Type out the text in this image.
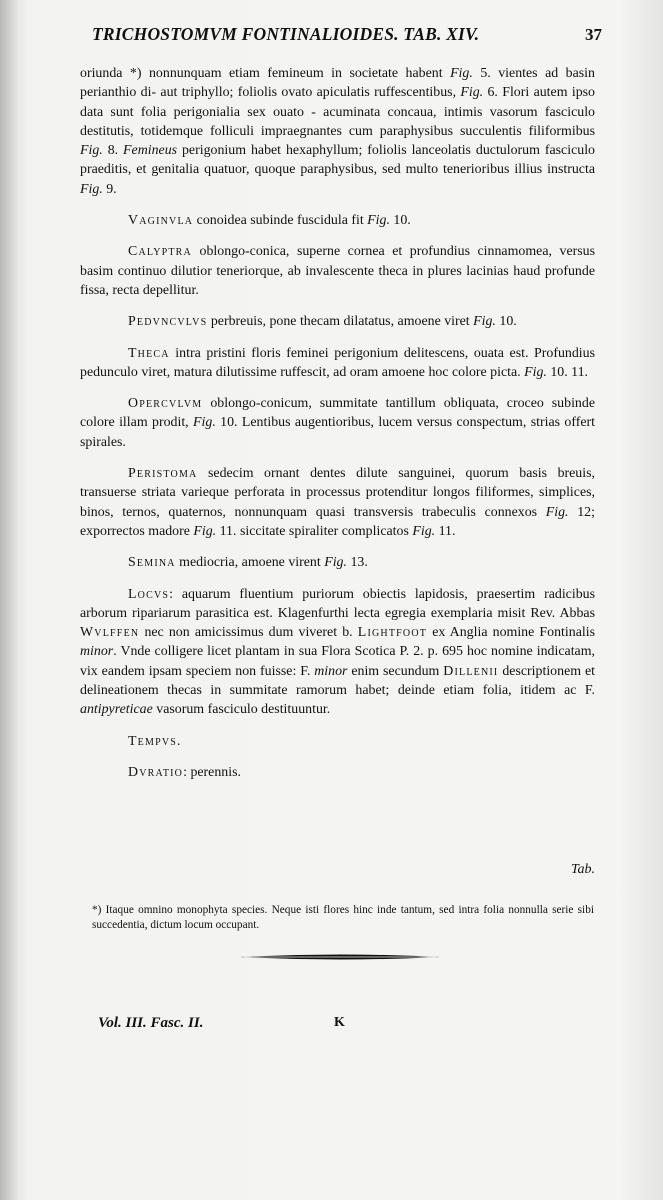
TRICHOSTOMVM FONTINALIOIDES. TAB. XIV.	37

oriunda *) nonnunquam etiam femineum in societate habent Fig. 5. vientes ad basin perianthio di- aut triphyllo; foliolis ovato apiculatis ruffescentibus, Fig. 6. Flori autem ipso data sunt folia perigonialia sex ouato - acuminata concaua, intimis vasorum fasciculo destitutis, totidemque folliculi impraegnantes cum paraphysibus succulentis filiformibus Fig. 8. Femineus perigonium habet hexaphyllum; foliolis lanceolatis ductulorum fasciculo praeditis, et genitalia quatuor, quoque paraphysibus, sed multo tenerioribus illius instructa Fig. 9.

Vaginvla conoidea subinde fuscidula fit Fig. 10.

Calyptra oblongo-conica, superne cornea et profundius cinnamomea, versus basim continuo dilutior teneriorque, ab invalescente theca in plures lacinias haud profunde fissa, recta depellitur.

Pedvncvlvs perbreuis, pone thecam dilatatus, amoene viret Fig. 10.

Theca intra pristini floris feminei perigonium delitescens, ouata est. Profundius pedunculo viret, matura dilutissime ruffescit, ad oram amoene hoc colore picta. Fig. 10. 11.

Opercvlvm oblongo-conicum, summitate tantillum obliquata, croceo subinde colore illam prodit, Fig. 10. Lentibus augentioribus, lucem versus conspectum, strias offert spirales.

Peristoma sedecim ornant dentes dilute sanguinei, quorum basis breuis, transuerse striata varieque perforata in processus protenditur longos filiformes, simplices, binos, ternos, quaternos, nonnunquam quasi transversis trabeculis connexos Fig. 12; exporrectos madore Fig. 11. siccitate spiraliter complicatos Fig. 11.

Semina mediocria, amoene virent Fig. 13.

Locvs: aquarum fluentium puriorum obiectis lapidosis, praesertim radicibus arborum ripariarum parasitica est. Klagenfurthi lecta egregia exemplaria misit Rev. Abbas Wvlffen nec non amicissimus dum viveret b. Lightfoot ex Anglia nomine Fontinalis minor. Vnde colligere licet plantam in sua Flora Scotica P. 2. p. 695 hoc nomine indicatam, vix eandem ipsam speciem non fuisse: F. minor enim secundum Dillenii descriptionem et delineationem thecas in summitate ramorum habet; deinde etiam folia, itidem ac F. antipyreticae vasorum fasciculo destituuntur.

Tempvs.

Dvratio: perennis.

Tab.
*) Itaque omnino monophyta species. Neque isti flores hinc inde tantum, sed intra folia nonnulla serie sibi succedentia, dictum locum occupant.
Vol. III. Fasc. II.	K
